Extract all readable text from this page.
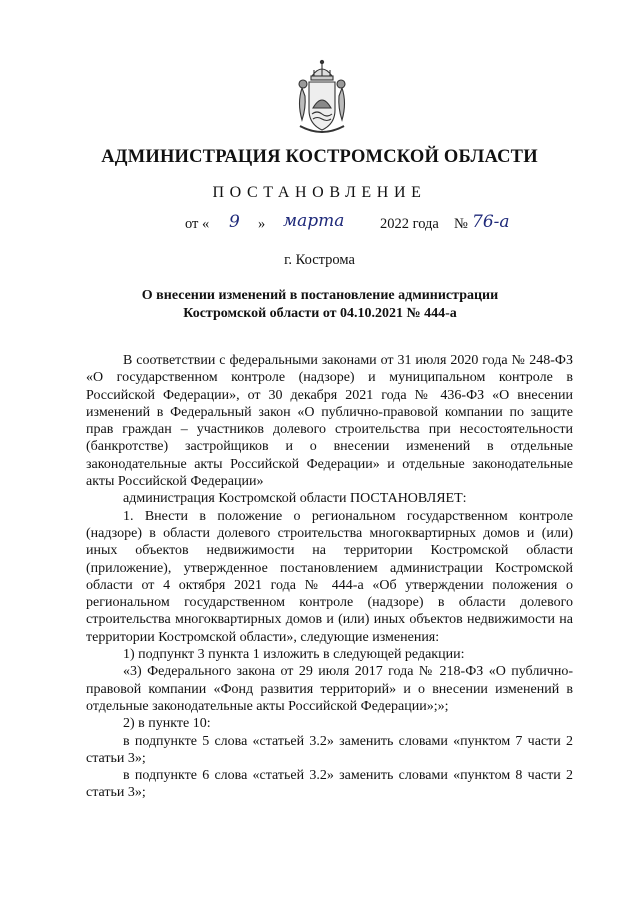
АДМИНИСТРАЦИЯ КОСТРОМСКОЙ ОБЛАСТИ
ПОСТАНОВЛЕНИЕ
от « 9 » марта 2022 года № 76-а
г. Кострома
О внесении изменений в постановление администрации
Костромской области от 04.10.2021 № 444-а

В соответствии с федеральными законами от 31 июля 2020 года № 248-ФЗ «О государственном контроле (надзоре) и муниципальном контроле в Российской Федерации», от 30 декабря 2021 года № 436-ФЗ «О внесении изменений в Федеральный закон «О публично-правовой компании по защите прав граждан – участников долевого строительства при несостоятельности (банкротстве) застройщиков и о внесении изменений в отдельные законодательные акты Российской Федерации» и отдельные законодательные акты Российской Федерации»

администрация Костромской области ПОСТАНОВЛЯЕТ:

1. Внести в положение о региональном государственном контроле (надзоре) в области долевого строительства многоквартирных домов и (или) иных объектов недвижимости на территории Костромской области (приложение), утвержденное постановлением администрации Костромской области от 4 октября 2021 года № 444-а «Об утверждении положения о региональном государственном контроле (надзоре) в области долевого строительства многоквартирных домов и (или) иных объектов недвижимости на территории Костромской области», следующие изменения:

1) подпункт 3 пункта 1 изложить в следующей редакции:

«3) Федерального закона от 29 июля 2017 года № 218-ФЗ «О публично-правовой компании «Фонд развития территорий» и о внесении изменений в отдельные законодательные акты Российской Федерации»;»;

2) в пункте 10:

в подпункте 5 слова «статьей 3.2» заменить словами «пунктом 7 части 2 статьи 3»;

в подпункте 6 слова «статьей 3.2» заменить словами «пунктом 8 части 2 статьи 3»;
